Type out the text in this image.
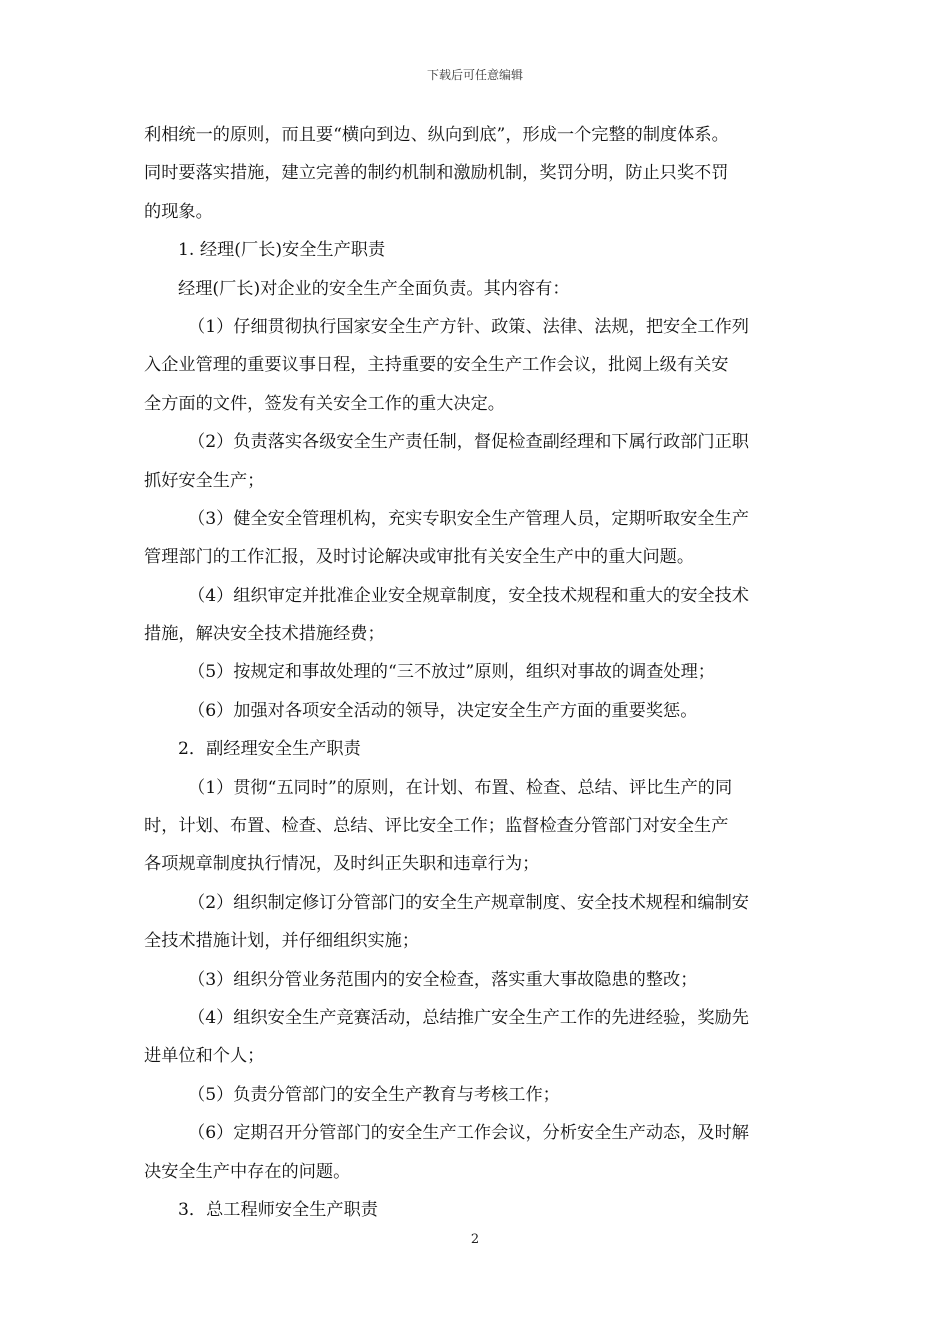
下载后可任意编辑
利相统一的原则，而且要“横向到边、纵向到底”，形成一个完整的制度体系。
同时要落实措施，建立完善的制约机制和激励机制，奖罚分明，防止只奖不罚
的现象。
1. 经理(厂长)安全生产职责
经理(厂长)对企业的安全生产全面负责。其内容有：
（1）仔细贯彻执行国家安全生产方针、政策、法律、法规，把安全工作列
入企业管理的重要议事日程，主持重要的安全生产工作会议，批阅上级有关安
全方面的文件，签发有关安全工作的重大决定。
（2）负责落实各级安全生产责任制，督促检查副经理和下属行政部门正职
抓好安全生产；
（3）健全安全管理机构，充实专职安全生产管理人员，定期听取安全生产
管理部门的工作汇报，及时讨论解决或审批有关安全生产中的重大问题。
（4）组织审定并批准企业安全规章制度，安全技术规程和重大的安全技术
措施，解决安全技术措施经费；
（5）按规定和事故处理的“三不放过”原则，组织对事故的调查处理；
（6）加强对各项安全活动的领导，决定安全生产方面的重要奖惩。
2．副经理安全生产职责
（1）贯彻“五同时”的原则，在计划、布置、检查、总结、评比生产的同
时，计划、布置、检查、总结、评比安全工作；监督检查分管部门对安全生产
各项规章制度执行情况，及时纠正失职和违章行为；
（2）组织制定修订分管部门的安全生产规章制度、安全技术规程和编制安
全技术措施计划，并仔细组织实施；
（3）组织分管业务范围内的安全检查，落实重大事故隐患的整改；
（4）组织安全生产竞赛活动，总结推广安全生产工作的先进经验，奖励先
进单位和个人；
（5）负责分管部门的安全生产教育与考核工作；
（6）定期召开分管部门的安全生产工作会议，分析安全生产动态，及时解
决安全生产中存在的问题。
3．总工程师安全生产职责
2
